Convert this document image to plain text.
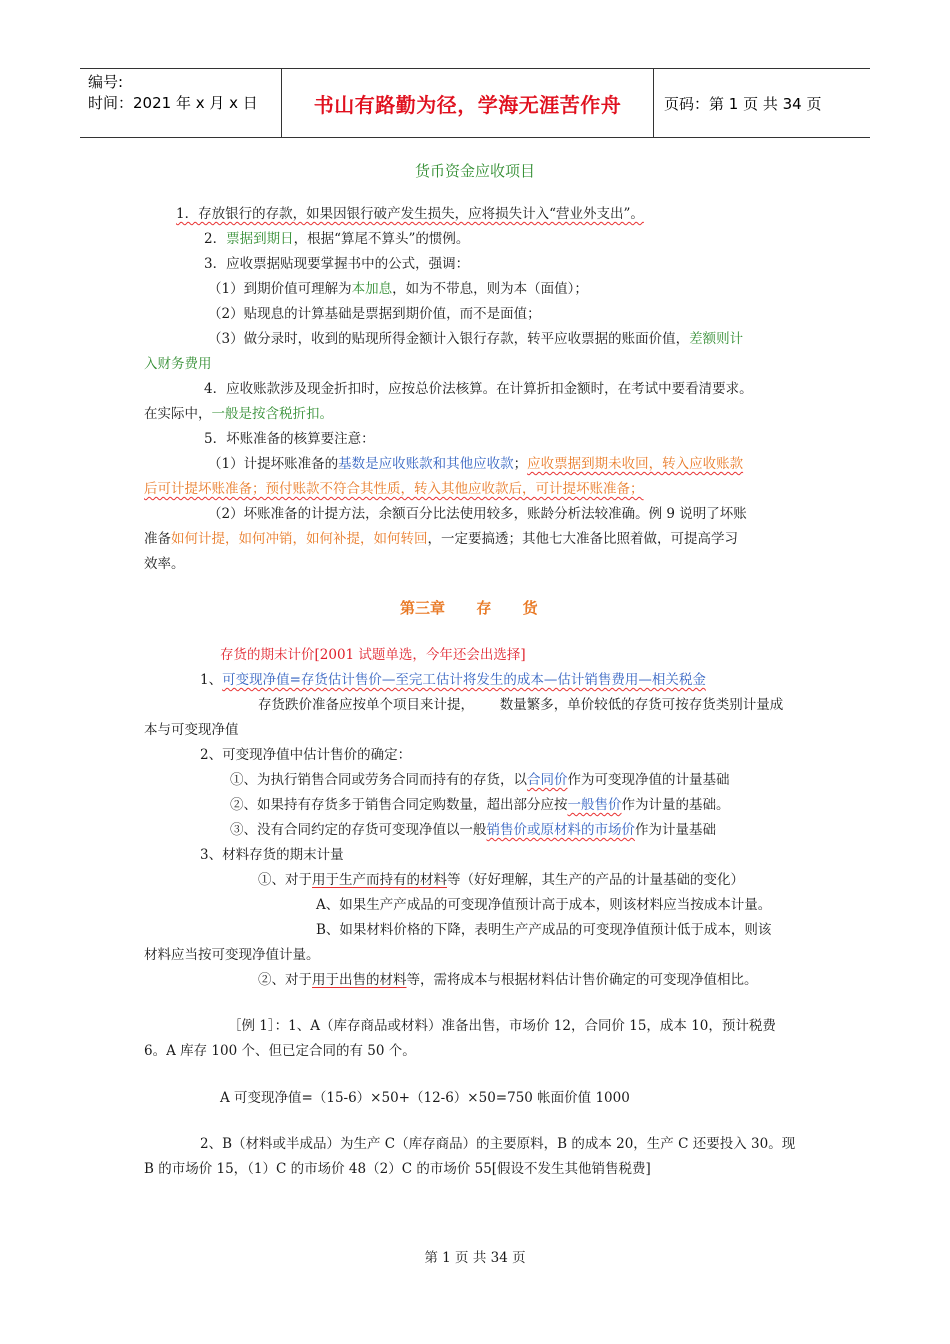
编号:
时间：2021 年 x 月 x 日	书山有路勤为径，学海无涯苦作舟	页码：第 1 页 共 34 页
货币资金应收项目
1．存放银行的存款，如果因银行破产发生损失，应将损失计入“营业外支出”。
2．票据到期日，根据“算尾不算头”的惯例。
3．应收票据贴现要掌握书中的公式，强调：
（1）到期价值可理解为本加息，如为不带息，则为本（面值）；
（2）贴现息的计算基础是票据到期价值，而不是面值；
（3）做分录时，收到的贴现所得金额计入银行存款，转平应收票据的账面价值，差额则计
入财务费用
4．应收账款涉及现金折扣时，应按总价法核算。在计算折扣金额时，在考试中要看清要求。
在实际中，一般是按含税折扣。
5．坏账准备的核算要注意：
（1）计提坏账准备的基数是应收账款和其他应收款；应收票据到期未收回，转入应收账款
后可计提坏账准备；预付账款不符合其性质，转入其他应收款后，可计提坏账准备；
（2）坏账准备的计提方法，余额百分比法使用较多，账龄分析法较准确。例 9 说明了坏账
准备如何计提，如何冲销，如何补提，如何转回，一定要搞透；其他七大准备比照着做，可提高学习
效率。
第三章      存      货
存货的期末计价[2001 试题单选，今年还会出选择]
1、可变现净值=存货估计售价—至完工估计将发生的成本—估计销售费用—相关税金
存货跌价准备应按单个项目来计提，      数量繁多，单价较低的存货可按存货类别计量成
本与可变现净值
2、可变现净值中估计售价的确定：
①、为执行销售合同或劳务合同而持有的存货，以合同价作为可变现净值的计量基础
②、如果持有存货多于销售合同定购数量，超出部分应按一般售价作为计量的基础。
③、没有合同约定的存货可变现净值以一般销售价或原材料的市场价作为计量基础
3、材料存货的期末计量
①、对于用于生产而持有的材料等（好好理解，其生产的产品的计量基础的变化）
A、如果生产产成品的可变现净值预计高于成本，则该材料应当按成本计量。
B、如果材料价格的下降，表明生产产成品的可变现净值预计低于成本，则该
材料应当按可变现净值计量。
②、对于用于出售的材料等，需将成本与根据材料估计售价确定的可变现净值相比。
［例 1］：1、A（库存商品或材料）准备出售，市场价 12，合同价 15，成本 10，预计税费
6。A 库存 100 个、但已定合同的有 50 个。
A 可变现净值=（15-6）×50+（12-6）×50=750 帐面价值 1000
2、B（材料或半成品）为生产 C（库存商品）的主要原料，B 的成本 20，生产 C 还要投入 30。现
B 的市场价 15，（1）C 的市场价 48（2）C 的市场价 55[假设不发生其他销售税费]
第 1 页 共 34 页
